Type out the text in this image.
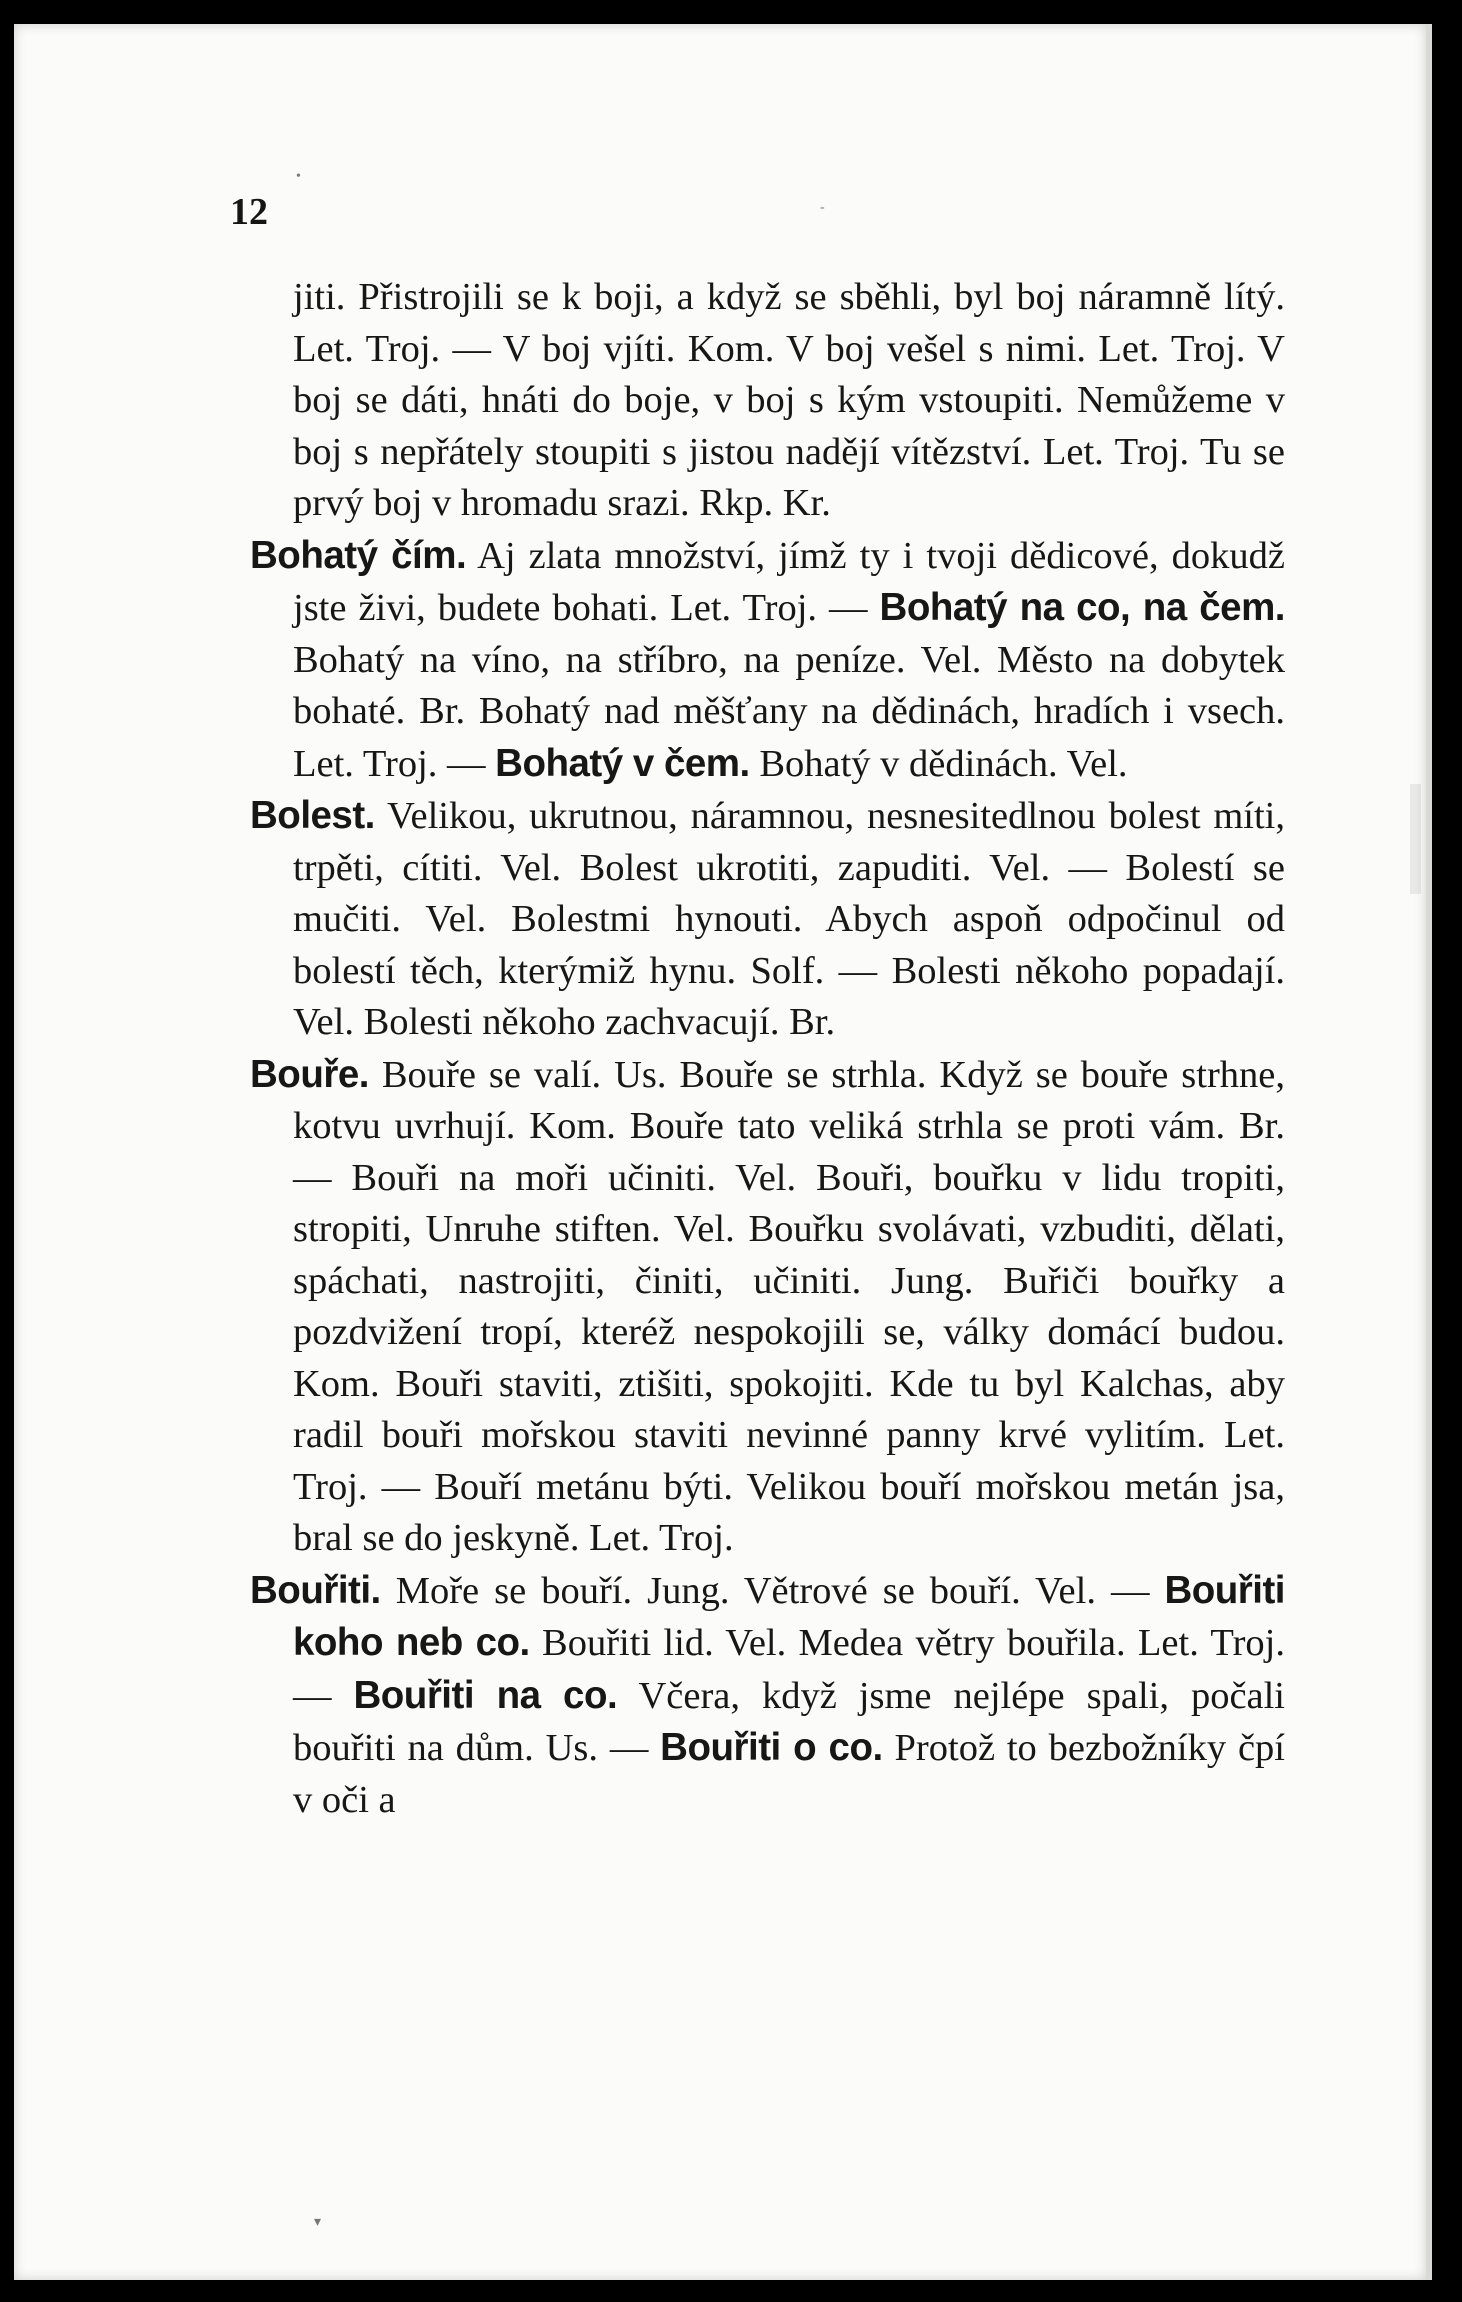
12

jiti. Přistrojili se k boji, a když se sběhli, byl boj náramně lítý. Let. Troj. — V boj vjíti. Kom. V boj vešel s nimi. Let. Troj. V boj se dáti, hnáti do boje, v boj s kým vstoupiti. Nemůžeme v boj s nepřátely stoupiti s jistou nadějí vítězství. Let. Troj. Tu se prvý boj v hromadu srazi. Rkp. Kr.

Bohatý čím. Aj zlata množství, jímž ty i tvoji dědicové, dokudž jste živi, budete bohati. Let. Troj. — Bohatý na co, na čem. Bohatý na víno, na stříbro, na peníze. Vel. Město na dobytek bohaté. Br. Bohatý nad měšťany na dědinách, hradích i vsech. Let. Troj. — Bohatý v čem. Bohatý v dědinách. Vel.

Bolest. Velikou, ukrutnou, náramnou, nesnesitedlnou bolest míti, trpěti, cítiti. Vel. Bolest ukrotiti, zapuditi. Vel. — Bolestí se mučiti. Vel. Bolestmi hynouti. Abych aspoň odpočinul od bolestí těch, kterýmiž hynu. Solf. — Bolesti někoho popadají. Vel. Bolesti někoho zachvacují. Br.

Bouře. Bouře se valí. Us. Bouře se strhla. Když se bouře strhne, kotvu uvrhují. Kom. Bouře tato veliká strhla se proti vám. Br. — Bouři na moři učiniti. Vel. Bouři, bouřku v lidu tropiti, stropiti, Unruhe stiften. Vel. Bouřku svolávati, vzbuditi, dělati, spáchati, nastrojiti, činiti, učiniti. Jung. Buřiči bouřky a pozdvižení tropí, kteréž nespokojili se, války domácí budou. Kom. Bouři staviti, ztišiti, spokojiti. Kde tu byl Kalchas, aby radil bouři mořskou staviti nevinné panny krvé vylitím. Let. Troj. — Bouří metánu býti. Velikou bouří mořskou metán jsa, bral se do jeskyně. Let. Troj.

Bouřiti. Moře se bouří. Jung. Větrové se bouří. Vel. — Bouřiti koho neb co. Bouřiti lid. Vel. Medea větry bouřila. Let. Troj. — Bouřiti na co. Včera, když jsme nejlépe spali, počali bouřiti na dům. Us. — Bouřiti o co. Protož to bezbožníky čpí v oči a

•
-
▾
